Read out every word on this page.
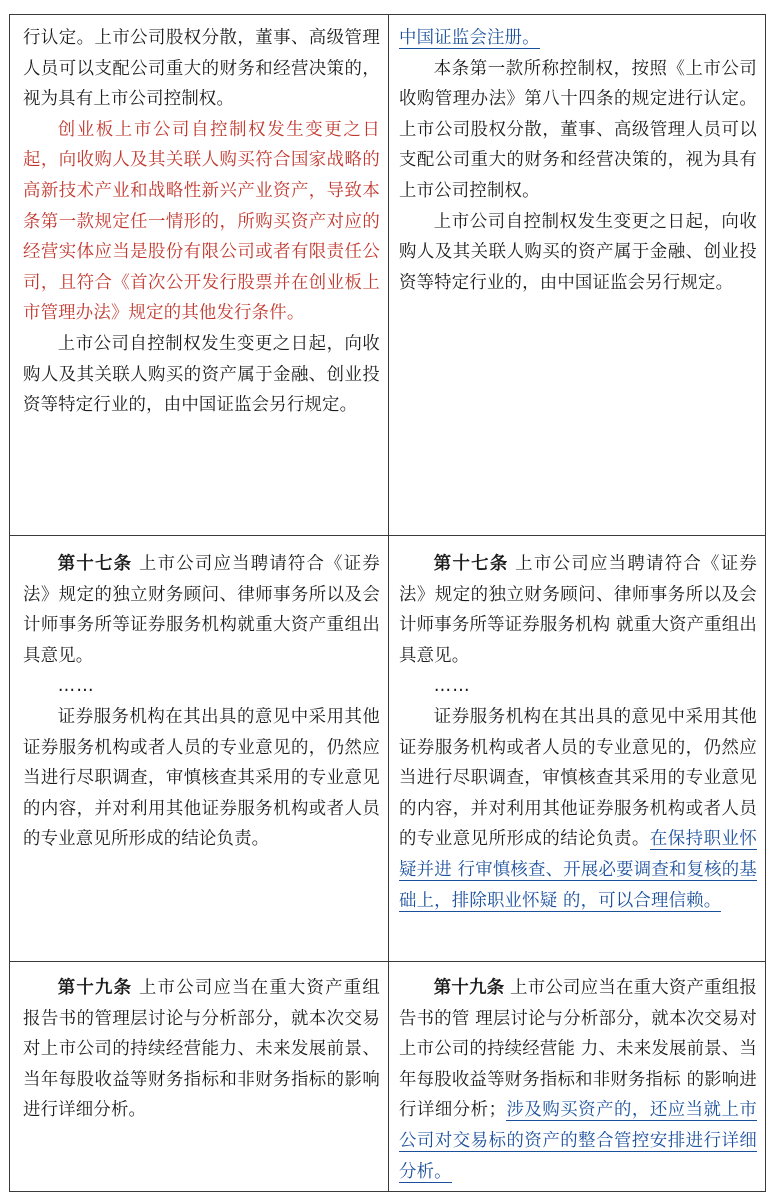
行认定。上市公司股权分散，董事、高级管理人员可以支配公司重大的财务和经营决策的，视为具有上市公司控制权。

创业板上市公司自控制权发生变更之日起，向收购人及其关联人购买符合国家战略的高新技术产业和战略性新兴产业资产，导致本条第一款规定任一情形的，所购买资产对应的经营实体应当是股份有限公司或者有限责任公司，且符合《首次公开发行股票并在创业板上市管理办法》规定的其他发行条件。

上市公司自控制权发生变更之日起，向收购人及其关联人购买的资产属于金融、创业投资等特定行业的，由中国证监会另行规定。

中国证监会注册。

本条第一款所称控制权，按照《上市公司收购管理办法》第八十四条的规定进行认定。上市公司股权分散，董事、高级管理人员可以支配公司重大的财务和经营决策的，视为具有上市公司控制权。

上市公司自控制权发生变更之日起，向收购人及其关联人购买的资产属于金融、创业投资等特定行业的，由中国证监会另行规定。

第十七条 上市公司应当聘请符合《证券法》规定的独立财务顾问、律师事务所以及会计师事务所等证券服务机构就重大资产重组出具意见。

……

证券服务机构在其出具的意见中采用其他证券服务机构或者人员的专业意见的，仍然应当进行尽职调查，审慎核查其采用的专业意见的内容，并对利用其他证券服务机构或者人员的专业意见所形成的结论负责。

第十七条 上市公司应当聘请符合《证券法》规定的独立财务顾问、律师事务所以及会计师事务所等证券服务机构 就重大资产重组出具意见。

……

证券服务机构在其出具的意见中采用其他证券服务机构或者人员的专业意见的，仍然应当进行尽职调查，审慎核查其采用的专业意见的内容，并对利用其他证券服务机构或者人员的专业意见所形成的结论负责。在保持职业怀疑并进 行审慎核查、开展必要调查和复核的基础上，排除职业怀疑 的，可以合理信赖。

第十九条 上市公司应当在重大资产重组报告书的管理层讨论与分析部分，就本次交易对上市公司的持续经营能力、未来发展前景、当年每股收益等财务指标和非财务指标的影响进行详细分析。

第十九条 上市公司应当在重大资产重组报告书的管 理层讨论与分析部分，就本次交易对上市公司的持续经营能 力、未来发展前景、当年每股收益等财务指标和非财务指标 的影响进行详细分析；涉及购买资产的，还应当就上市公司对交易标的资产的整合管控安排进行详细分析。
